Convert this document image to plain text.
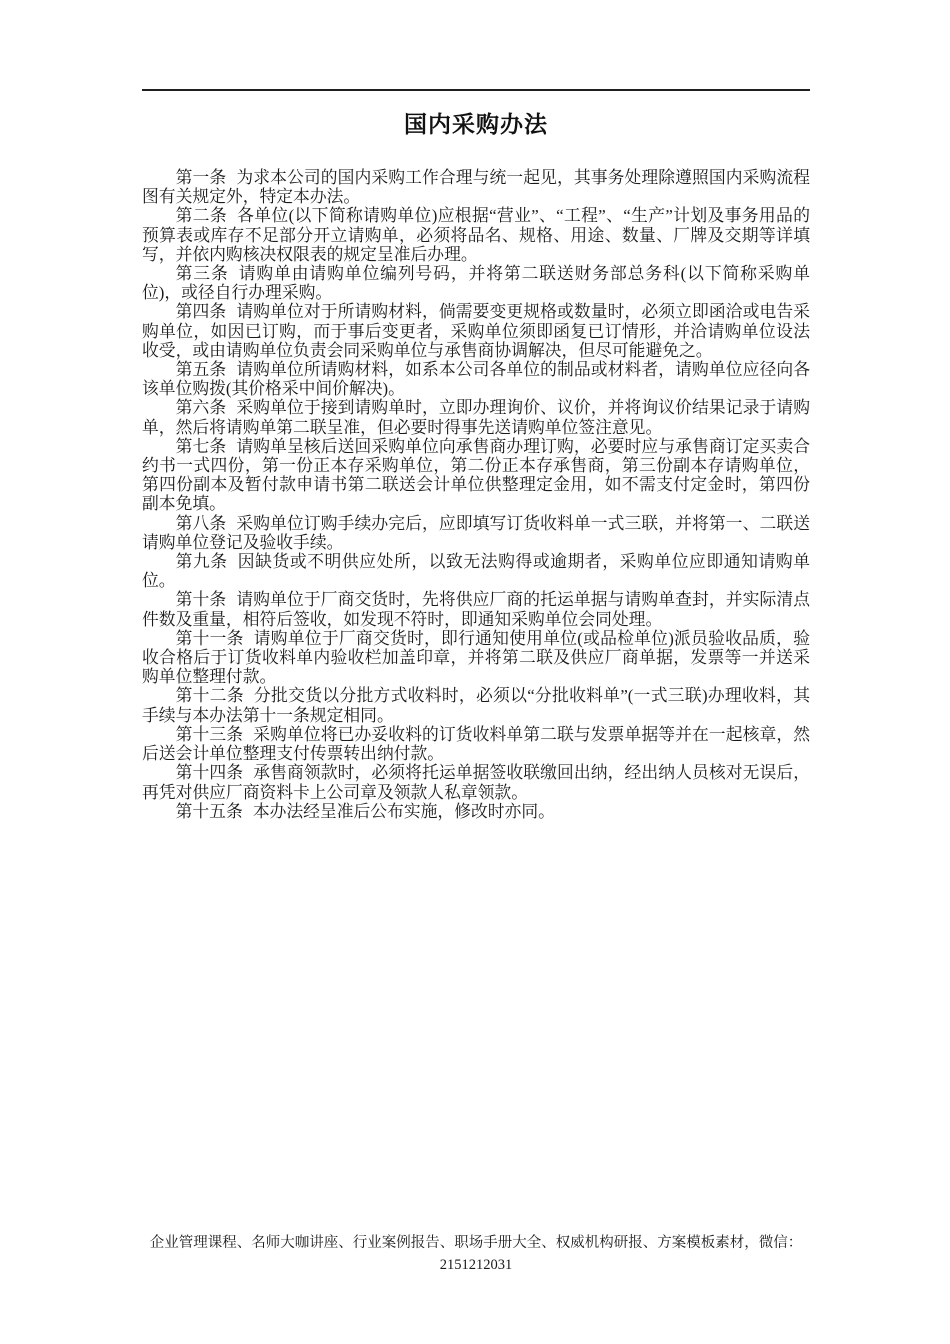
国内采购办法

第一条 为求本公司的国内采购工作合理与统一起见，其事务处理除遵照国内采购流程图有关规定外，特定本办法。

第二条 各单位(以下简称请购单位)应根据“营业”、“工程”、“生产”计划及事务用品的预算表或库存不足部分开立请购单，必须将品名、规格、用途、数量、厂牌及交期等详填写，并依内购核决权限表的规定呈准后办理。

第三条 请购单由请购单位编列号码，并将第二联送财务部总务科(以下简称采购单位)，或径自行办理采购。

第四条 请购单位对于所请购材料，倘需要变更规格或数量时，必须立即函洽或电告采购单位，如因已订购，而于事后变更者，采购单位须即函复已订情形，并洽请购单位设法收受，或由请购单位负责会同采购单位与承售商协调解决，但尽可能避免之。

第五条 请购单位所请购材料，如系本公司各单位的制品或材料者，请购单位应径向各该单位购拨(其价格采中间价解决)。

第六条 采购单位于接到请购单时，立即办理询价、议价，并将询议价结果记录于请购单，然后将请购单第二联呈准，但必要时得事先送请购单位签注意见。

第七条 请购单呈核后送回采购单位向承售商办理订购，必要时应与承售商订定买卖合约书一式四份，第一份正本存采购单位，第二份正本存承售商，第三份副本存请购单位，第四份副本及暂付款申请书第二联送会计单位供整理定金用，如不需支付定金时，第四份副本免填。

第八条 采购单位订购手续办完后，应即填写订货收料单一式三联，并将第一、二联送请购单位登记及验收手续。

第九条 因缺货或不明供应处所，以致无法购得或逾期者，采购单位应即通知请购单位。

第十条 请购单位于厂商交货时，先将供应厂商的托运单据与请购单查封，并实际清点件数及重量，相符后签收，如发现不符时，即通知采购单位会同处理。

第十一条 请购单位于厂商交货时，即行通知使用单位(或品检单位)派员验收品质，验收合格后于订货收料单内验收栏加盖印章，并将第二联及供应厂商单据，发票等一并送采购单位整理付款。

第十二条 分批交货以分批方式收料时，必须以“分批收料单”(一式三联)办理收料，其手续与本办法第十一条规定相同。

第十三条 采购单位将已办妥收料的订货收料单第二联与发票单据等并在一起核章，然后送会计单位整理支付传票转出纳付款。

第十四条 承售商领款时，必须将托运单据签收联缴回出纳，经出纳人员核对无误后，再凭对供应厂商资料卡上公司章及领款人私章领款。

第十五条 本办法经呈准后公布实施，修改时亦同。

企业管理课程、名师大咖讲座、行业案例报告、职场手册大全、权威机构研报、方案模板素材，微信：
2151212031
